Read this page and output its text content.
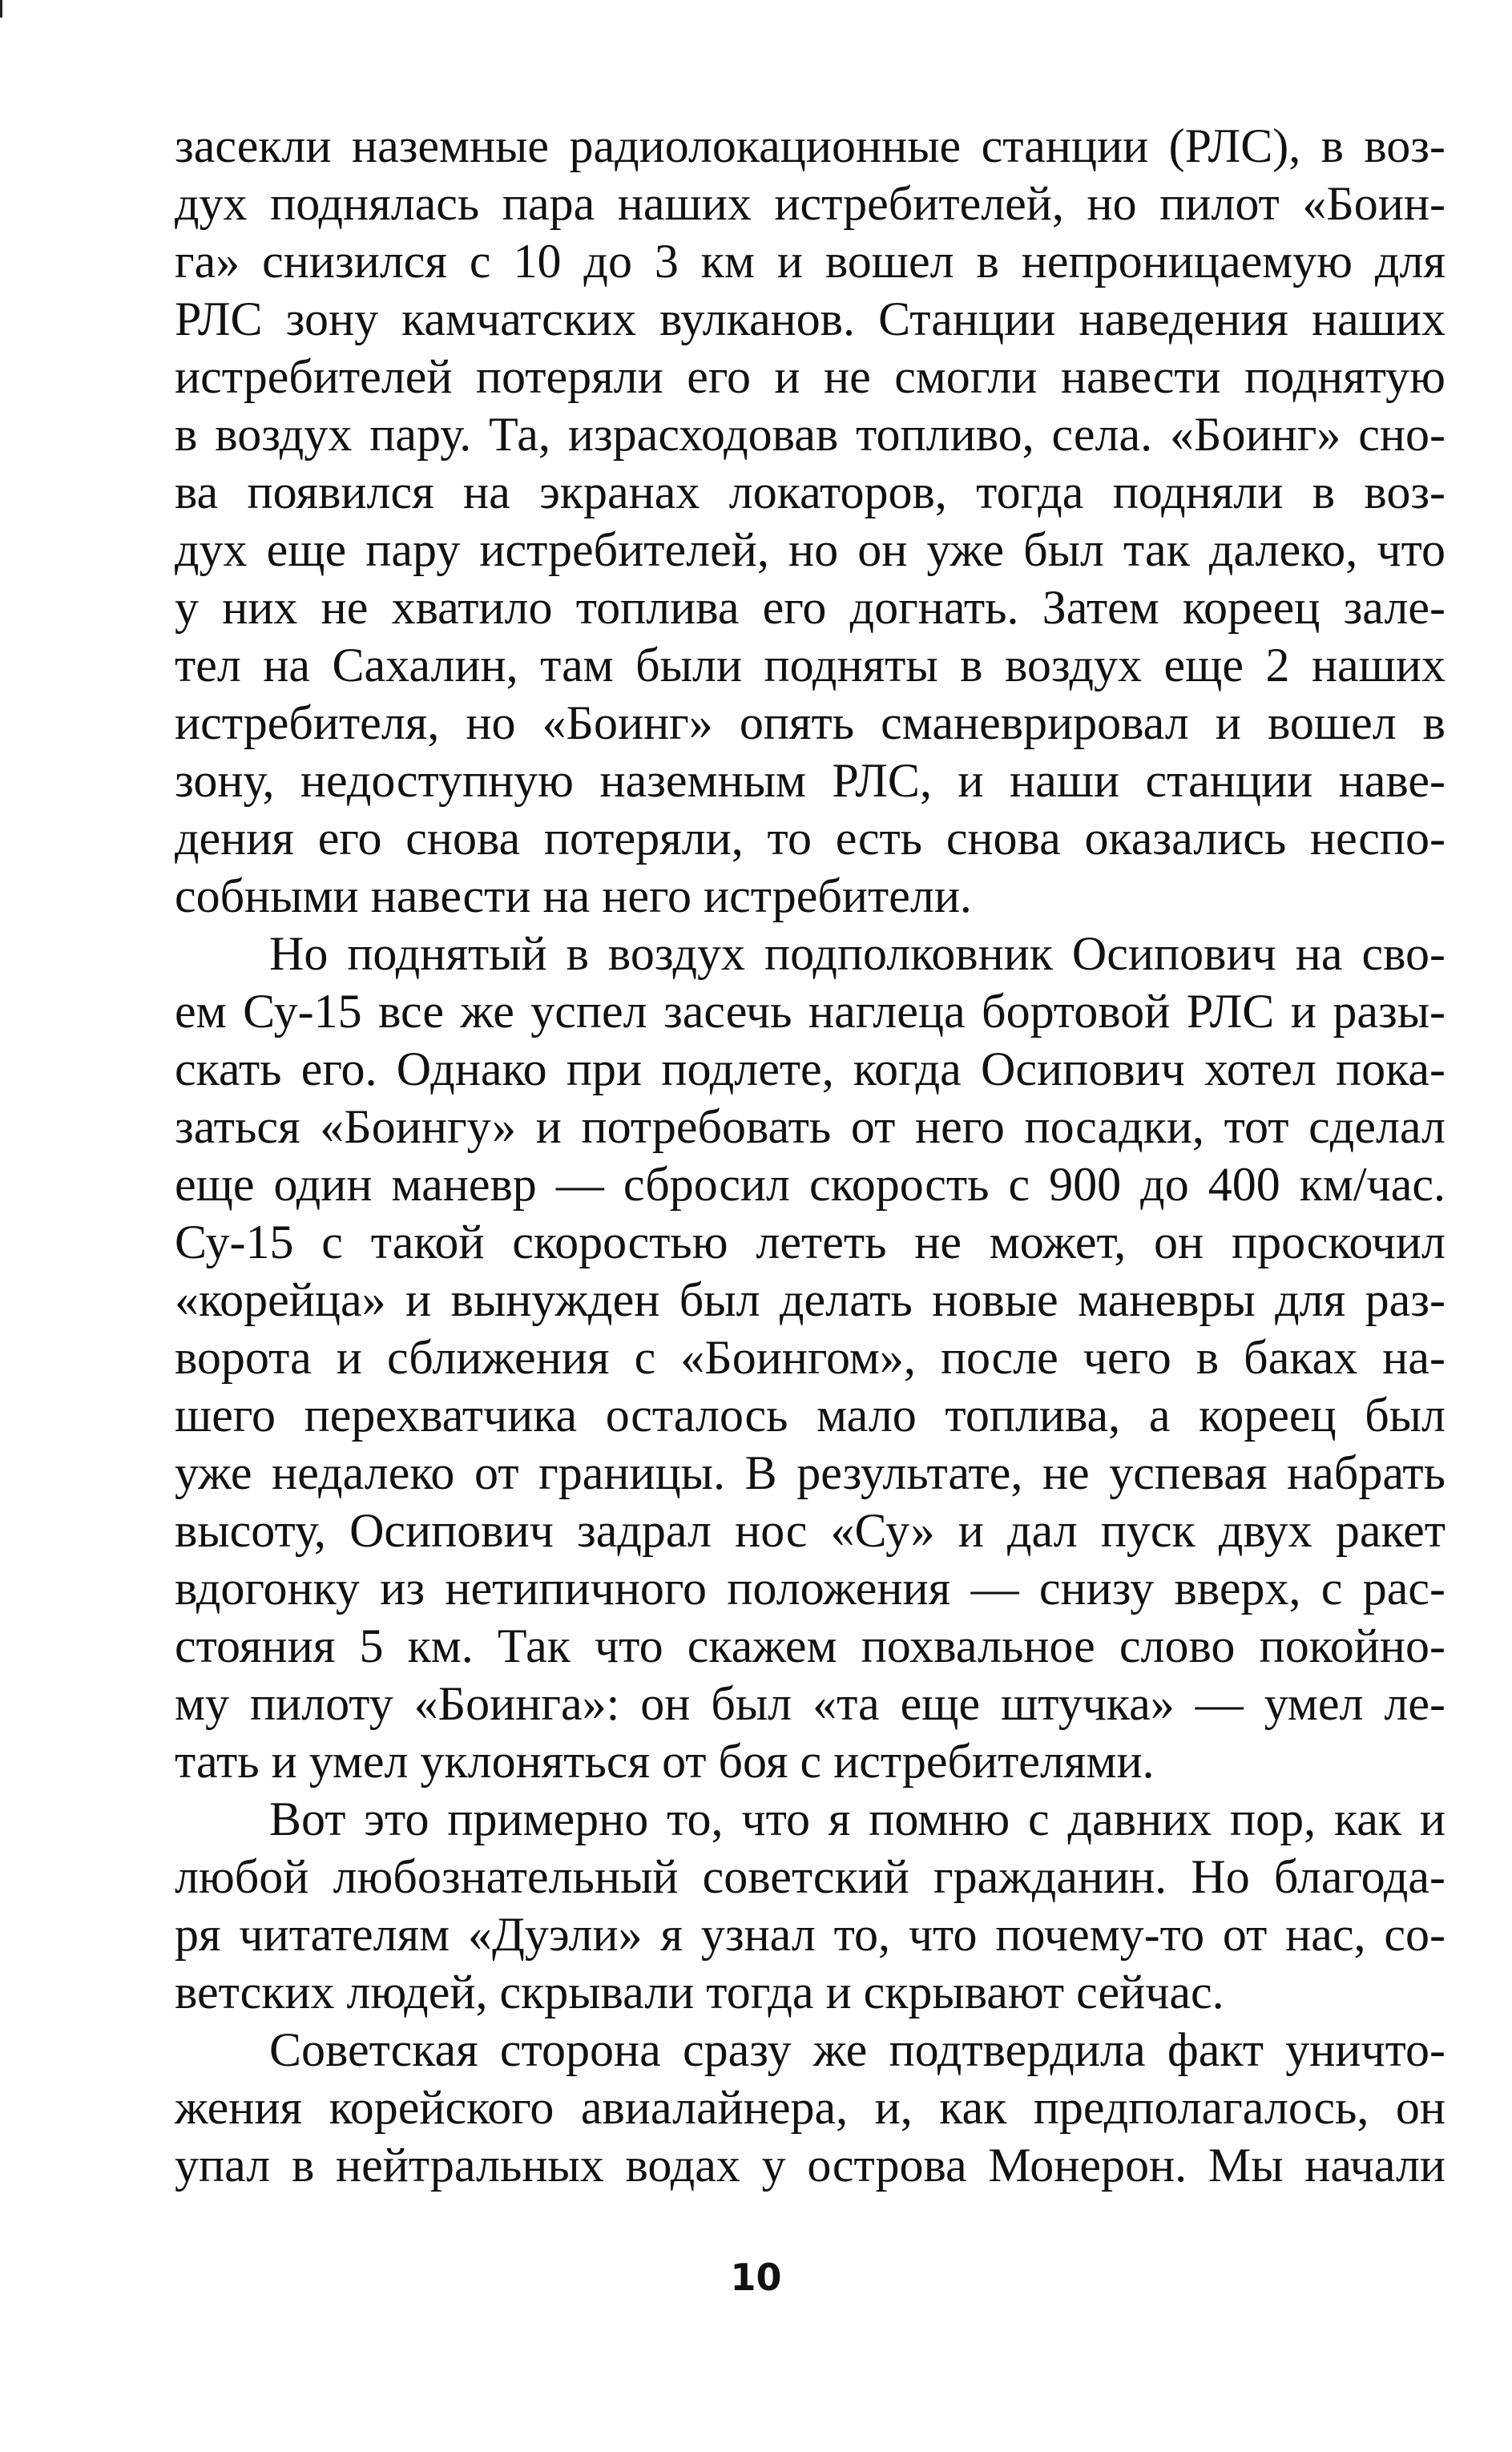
засекли наземные радиолокационные станции (РЛС), в воз-
дух поднялась пара наших истребителей, но пилот «Боин-
га» снизился с 10 до 3 км и вошел в непроницаемую для
РЛС зону камчатских вулканов. Станции наведения наших
истребителей потеряли его и не смогли навести поднятую
в воздух пару. Та, израсходовав топливо, села. «Боинг» сно-
ва появился на экранах локаторов, тогда подняли в воз-
дух еще пару истребителей, но он уже был так далеко, что
у них не хватило топлива его догнать. Затем кореец зале-
тел на Сахалин, там были подняты в воздух еще 2 наших
истребителя, но «Боинг» опять сманеврировал и вошел в
зону, недоступную наземным РЛС, и наши станции наве-
дения его снова потеряли, то есть снова оказались неспо-
собными навести на него истребители.
Но поднятый в воздух подполковник Осипович на сво-
ем Су-15 все же успел засечь наглеца бортовой РЛС и разы-
скать его. Однако при подлете, когда Осипович хотел пока-
заться «Боингу» и потребовать от него посадки, тот сделал
еще один маневр — сбросил скорость с 900 до 400 км/час.
Су-15 с такой скоростью лететь не может, он проскочил
«корейца» и вынужден был делать новые маневры для раз-
ворота и сближения с «Боингом», после чего в баках на-
шего перехватчика осталось мало топлива, а кореец был
уже недалеко от границы. В результате, не успевая набрать
высоту, Осипович задрал нос «Су» и дал пуск двух ракет
вдогонку из нетипичного положения — снизу вверх, с рас-
стояния 5 км. Так что скажем похвальное слово покойно-
му пилоту «Боинга»: он был «та еще штучка» — умел ле-
тать и умел уклоняться от боя с истребителями.
Вот это примерно то, что я помню с давних пор, как и
любой любознательный советский гражданин. Но благода-
ря читателям «Дуэли» я узнал то, что почему-то от нас, со-
ветских людей, скрывали тогда и скрывают сейчас.
Советская сторона сразу же подтвердила факт уничто-
жения корейского авиалайнера, и, как предполагалось, он
упал в нейтральных водах у острова Монерон. Мы начали
10
